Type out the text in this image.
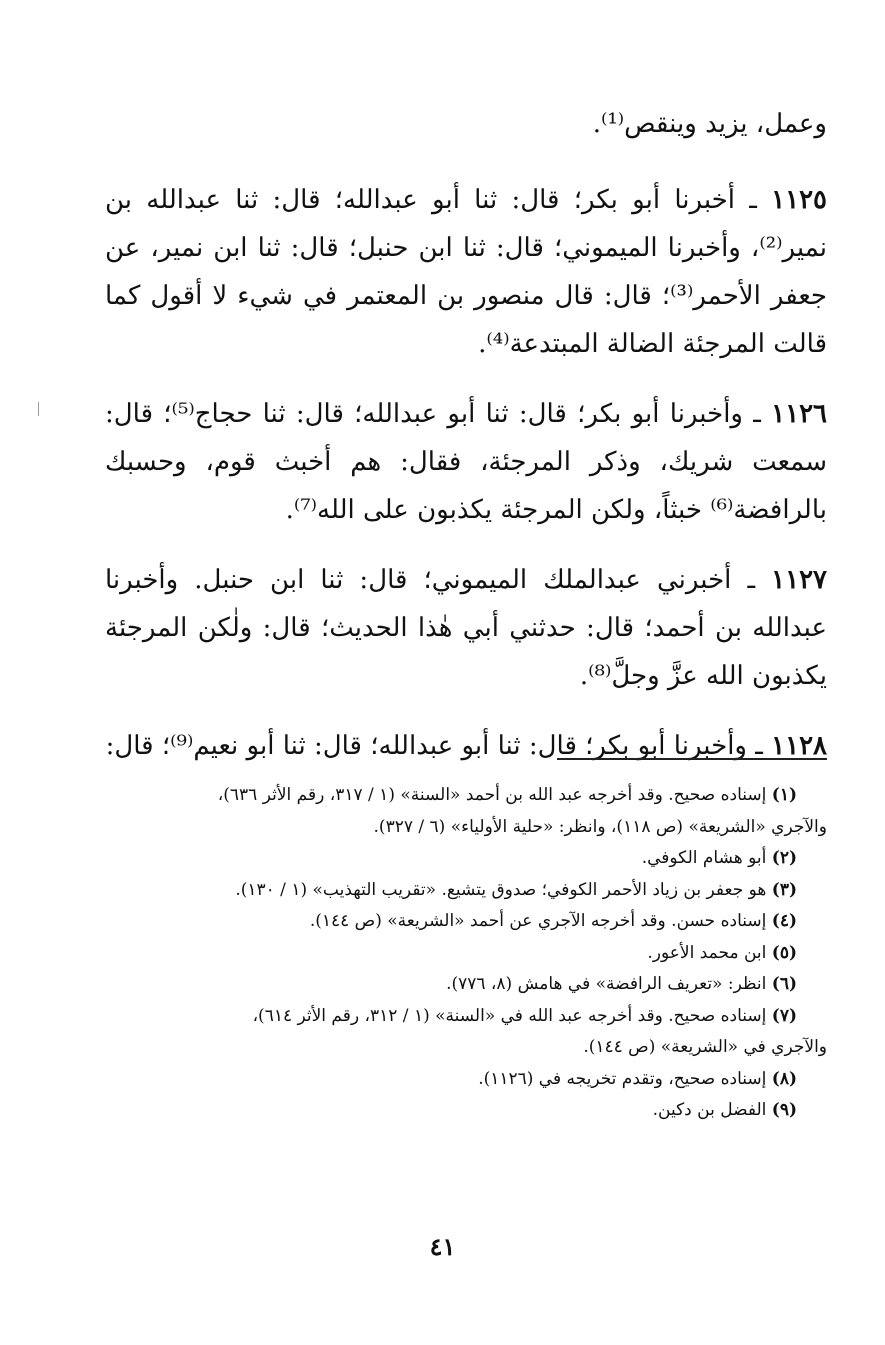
وعمل، يزيد وينقص⁽¹⁾.

١١٢٥ ـ أخبرنا أبو بكر؛ قال: ثنا أبو عبدالله؛ قال: ثنا عبدالله بن نمير⁽²⁾، وأخبرنا الميموني؛ قال: ثنا ابن حنبل؛ قال: ثنا ابن نمير، عن جعفر الأحمر⁽³⁾؛ قال: قال منصور بن المعتمر في شيء لا أقول كما قالت المرجئة الضالة المبتدعة⁽⁴⁾.

١١٢٦ ـ وأخبرنا أبو بكر؛ قال: ثنا أبو عبدالله؛ قال: ثنا حجاج⁽⁵⁾؛ قال: سمعت شريك، وذكر المرجئة، فقال: هم أخبث قوم، وحسبك بالرافضة⁽⁶⁾ خبثاً، ولكن المرجئة يكذبون على الله⁽⁷⁾.

١١٢٧ ـ أخبرني عبدالملك الميموني؛ قال: ثنا ابن حنبل. وأخبرنا عبدالله بن أحمد؛ قال: حدثني أبي هٰذا الحديث؛ قال: ولٰكن المرجئة يكذبون الله عزَّ وجلَّ⁽⁸⁾.

١١٢٨ ـ وأخبرنا أبو بكر؛ قال: ثنا أبو عبدالله؛ قال: ثنا أبو نعيم⁽⁹⁾؛ قال:

(١) إسناده صحيح. وقد أخرجه عبد الله بن أحمد «السنة» (١ / ٣١٧، رقم الأثر ٦٣٦)،

والآجري «الشريعة» (ص ١١٨)، وانظر: «حلية الأولياء» (٦ / ٣٢٧).

(٢) أبو هشام الكوفي.

(٣) هو جعفر بن زياد الأحمر الكوفي؛ صدوق يتشيع. «تقريب التهذيب» (١ / ١٣٠).

(٤) إسناده حسن. وقد أخرجه الآجري عن أحمد «الشريعة» (ص ١٤٤).

(٥) ابن محمد الأعور.

(٦) انظر: «تعريف الرافضة» في هامش (٨، ٧٧٦).

(٧) إسناده صحيح. وقد أخرجه عبد الله في «السنة» (١ / ٣١٢، رقم الأثر ٦١٤)،

والآجري في «الشريعة» (ص ١٤٤).

(٨) إسناده صحيح، وتقدم تخريجه في (١١٢٦).

(٩) الفضل بن دكين.

٤١
